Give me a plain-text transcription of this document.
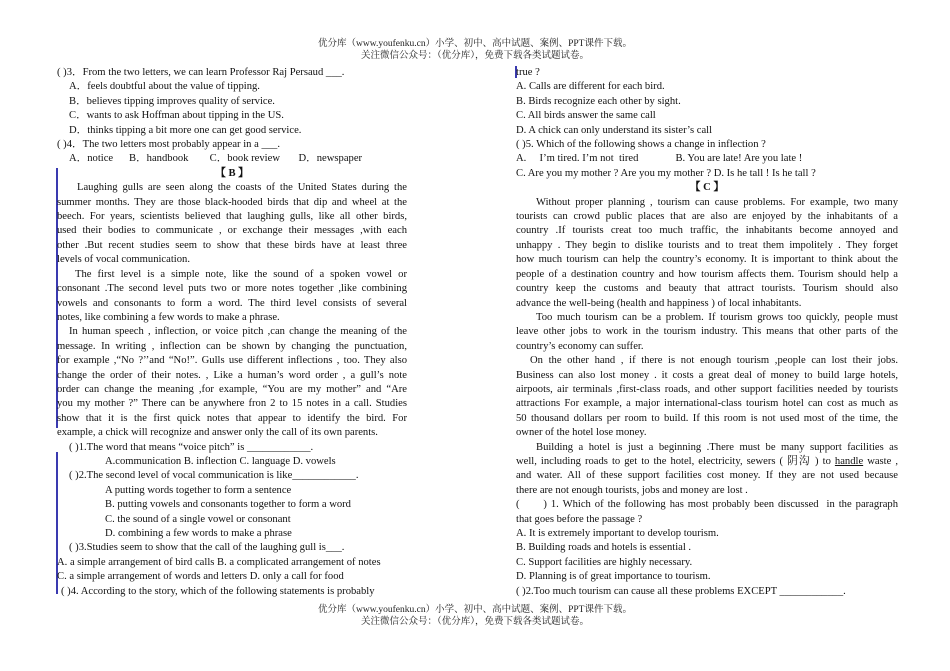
优分库（www.youfenku.cn）小学、初中、高中试题、案例、PPT课件下载。
关注微信公众号：（优分库），免费下载各类试题试卷。
( )3．From the two letters, we can learn Professor Raj Persaud ___.
A．feels doubtful about the value of tipping.
B．believes tipping improves quality of service.
C．wants to ask Hoffman about tipping in the US.
D．thinks tipping a bit more one can get good service.
( )4．The two letters most probably appear in a ___.
A．notice      B．handbook        C．book review       D．newspaper
【 B 】
Laughing gulls are seen along the coasts of the United States during the
summer months. They are those black-hooded birds that dip and wheel at the
beech. For years, scientists believed that laughing gulls, like all other birds,
used their bodies to communicate , or exchange their messages ,with each
other .But recent studies seem to show that these birds have at least three
levels of vocal communication.
The first level is a simple note, like the sound of a spoken vowel or
consonant .The second level puts two or more notes together ,like combining
vowels and consonants to form a word. The third level consists of several
notes, like combining a few words to make a phrase.
In human speech , inflection, or voice pitch ,can change the meaning of the
message. In writing , inflection can be shown by changing the punctuation,
for example ,“No ?’’and “No!”. Gulls use different inflections , too. They also
change the order of their notes. , Like a human’s word order , a gull’s note
order can change the meaning ,for example, “You are my mother” and “Are
you my mother ?” There can be anywhere fron 2 to 15 notes in a call. Studies
show that it is the first quick notes that appear to identify the bird. For
example, a chick will recognize and answer only the call of its own parents.
( )1.The word that means “voice pitch” is ____________.
A.communication B. inflection C. language D. vowels
( )2.The second level of vocal communication is like____________.
A putting words together to form a sentence
B. putting vowels and consonants together to form a word
C. the sound of a single vowel or consonant
D. combining a few words to make a phrase
( )3.Studies seem to show that the call of the laughing gull is___.
A. a simple arrangement of bird calls B. a complicated arrangement of notes
C. a simple arrangement of words and letters D. only a call for food
( )4. According to the story, which of the following statements is probably
true ?
A. Calls are different for each bird.
B. Birds recognize each other by sight.
C. All birds answer the same call
D. A chick can only understand its sister’s call
( )5. Which of the following shows a change in inflection ?
A.     I’m tired. I’m not  tired              B. You are late! Are you late !
C. Are you my mother ? Are you my mother ? D. Is he tall ! Is he tall ?
【 C 】
Without proper planning , tourism can cause problems. For example, two many
tourists can crowd public places that are also are enjoyed by the inhabitants of a
country .If tourists creat too much traffic, the inhabitants become annoyed and
unhappy . They begin to dislike tourists and to treat them impolitely . They forget
how much tourism can help the country’s economy. It is important to think about the
people of a destination country and how tourism affects them. Tourism should help a
country keep the customs and beauty that attract tourists. Tourism should also
advance the well-being (health and happiness ) of local inhabitants.
Too much tourism can be a problem. If tourism grows too quickly, people must
leave other jobs to work in the tourism industry. This means that other parts of the
country’s economy can suffer.
On the other hand , if there is not enough tourism ,people can lost their jobs.
Business can also lost money . it costs a great deal of money to build large hotels,
airpoots, air terminals ,first-class roads, and other support facilities needed by tourists
attractions For example, a major international-class tourism hotel can cost as much as
50 thousand dollars per room to build. If this room is not used most of the time, the
owner of the hotel lose money.
Building a hotel is just a beginning .There must be many support facilities as
well, including roads to get to the hotel, electricity, sewers ( 阴沟 ) to handle waste ,
and water. All of these support facilities cost money. If they are not used because
there are not enough tourists, jobs and money are lost .
(      ) 1. Which of the following has most probably been discussed  in the paragraph
that goes before the passage ?
A. It is extremely important to develop tourism.
B. Building roads and hotels is essential .
C. Support facilities are highly necessary.
D. Planning is of great importance to tourism.
( )2.Too much tourism can cause all these problems EXCEPT ____________.
优分库（www.youfenku.cn）小学、初中、高中试题、案例、PPT课件下载。
关注微信公众号：（优分库），免费下载各类试题试卷。
